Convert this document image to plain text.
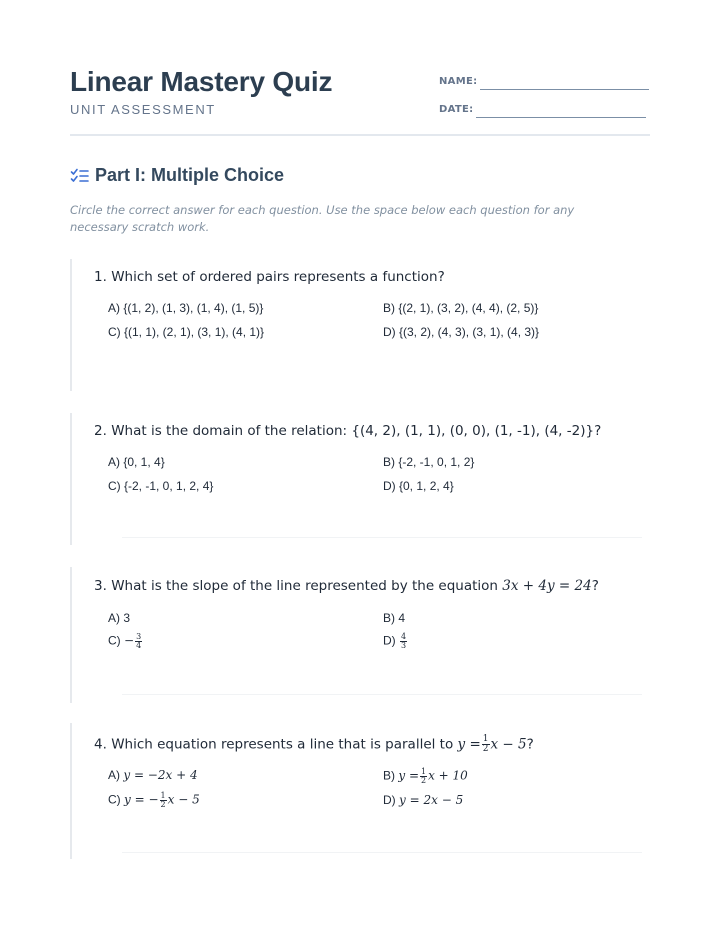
Linear Mastery Quiz
UNIT ASSESSMENT
NAME:
DATE:
Part I: Multiple Choice
Circle the correct answer for each question. Use the space below each question for any necessary scratch work.
1. Which set of ordered pairs represents a function?
A) {(1, 2), (1, 3), (1, 4), (1, 5)}	B) {(2, 1), (3, 2), (4, 4), (2, 5)}
C) {(1, 1), (2, 1), (3, 1), (4, 1)}	D) {(3, 2), (4, 3), (3, 1), (4, 3)}
2. What is the domain of the relation: {(4, 2), (1, 1), (0, 0), (1, -1), (4, -2)}?
A) {0, 1, 4}	B) {-2, -1, 0, 1, 2}
C) {-2, -1, 0, 1, 2, 4}	D) {0, 1, 2, 4}
3. What is the slope of the line represented by the equation 3x + 4y = 24?
A) 3	B) 4
$C) - \frac{3}{4}$	$D) \frac{4}{3}$
4. Which equation represents a line that is parallel to $y = \frac{1}{2}$ x − 5?
A) y = −2x + 4	B) $y = \frac{1}{2}$ x + 10
C) y = − $\frac{1}{2}$ x − 5	D) y = 2x − 5
